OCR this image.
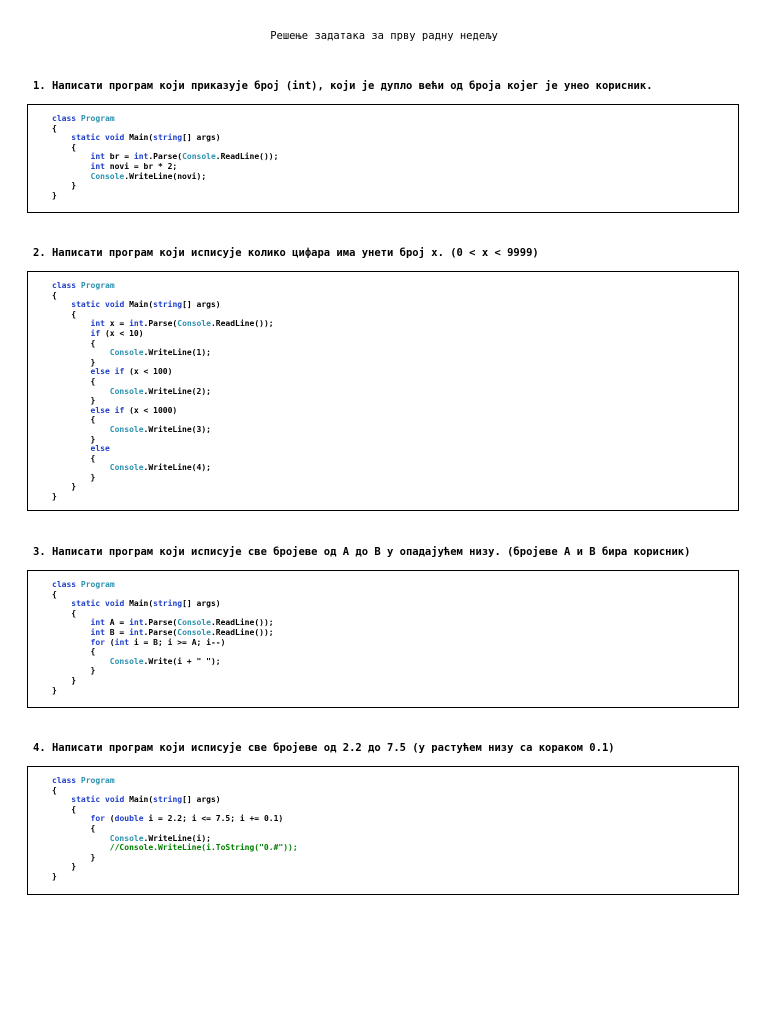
Решење задатака за прву радну недељу
1. Написати програм који приказује број (int), који је дупло већи од броја којег је унео корисник.
class Program
{
static void Main(string[] args)
{
int br = int.Parse(Console.ReadLine());
int novi = br * 2;
Console.WriteLine(novi);
}
}
2. Написати програм који исписује колико цифара има унети број x. (0 < x < 9999)
class Program
{
static void Main(string[] args)
{
int x = int.Parse(Console.ReadLine());
if (x < 10)
{
Console.WriteLine(1);
}
else if (x < 100)
{
Console.WriteLine(2);
}
else if (x < 1000)
{
Console.WriteLine(3);
}
else
{
Console.WriteLine(4);
}
}
}
3. Написати програм који исписује све бројеве од A до B у опадајућем низу. (бројеве A и B бира корисник)
class Program
{
static void Main(string[] args)
{
int A = int.Parse(Console.ReadLine());
int B = int.Parse(Console.ReadLine());
for (int i = B; i >= A; i--)
{
Console.Write(i + " ");
}
}
}
4. Написати програм који исписује све бројеве од 2.2 до 7.5 (у растућем низу са кораком 0.1)
class Program
{
static void Main(string[] args)
{
for (double i = 2.2; i <= 7.5; i += 0.1)
{
Console.WriteLine(i);
//Console.WriteLine(i.ToString("0.#"));
}
}
}
